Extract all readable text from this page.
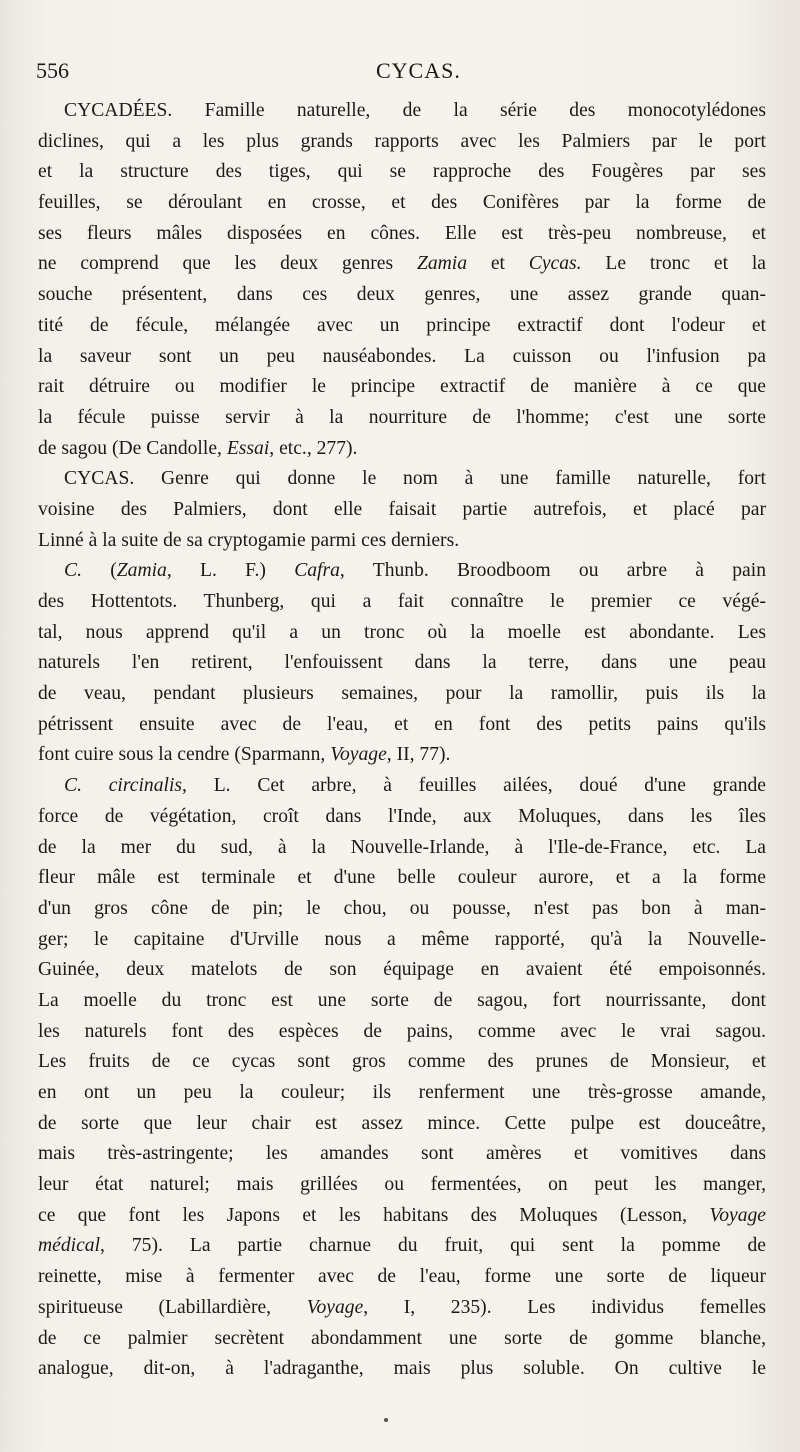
556	CYCAS.
CYCADÉES. Famille naturelle, de la série des monocotylédones
diclines, qui a les plus grands rapports avec les Palmiers par le port
et la structure des tiges, qui se rapproche des Fougères par ses
feuilles, se déroulant en crosse, et des Conifères par la forme de
ses fleurs mâles disposées en cônes. Elle est très-peu nombreuse, et
ne comprend que les deux genres Zamia et Cycas. Le tronc et la
souche présentent, dans ces deux genres, une assez grande quan-
tité de fécule, mélangée avec un principe extractif dont l'odeur et
la saveur sont un peu nauséabondes. La cuisson ou l'infusion pa
rait détruire ou modifier le principe extractif de manière à ce que
la fécule puisse servir à la nourriture de l'homme; c'est une sorte
de sagou (De Candolle, Essai, etc., 277).
CYCAS. Genre qui donne le nom à une famille naturelle, fort
voisine des Palmiers, dont elle faisait partie autrefois, et placé par
Linné à la suite de sa cryptogamie parmi ces derniers.
C. (Zamia, L. F.) Cafra, Thunb. Broodboom ou arbre à pain
des Hottentots. Thunberg, qui a fait connaître le premier ce végé-
tal, nous apprend qu'il a un tronc où la moelle est abondante. Les
naturels l'en retirent, l'enfouissent dans la terre, dans une peau
de veau, pendant plusieurs semaines, pour la ramollir, puis ils la
pétrissent ensuite avec de l'eau, et en font des petits pains qu'ils
font cuire sous la cendre (Sparmann, Voyage, II, 77).
C. circinalis, L. Cet arbre, à feuilles ailées, doué d'une grande
force de végétation, croît dans l'Inde, aux Moluques, dans les îles
de la mer du sud, à la Nouvelle-Irlande, à l'Ile-de-France, etc. La
fleur mâle est terminale et d'une belle couleur aurore, et a la forme
d'un gros cône de pin; le chou, ou pousse, n'est pas bon à man-
ger; le capitaine d'Urville nous a même rapporté, qu'à la Nouvelle-
Guinée, deux matelots de son équipage en avaient été empoisonnés.
La moelle du tronc est une sorte de sagou, fort nourrissante, dont
les naturels font des espèces de pains, comme avec le vrai sagou.
Les fruits de ce cycas sont gros comme des prunes de Monsieur, et
en ont un peu la couleur; ils renferment une très-grosse amande,
de sorte que leur chair est assez mince. Cette pulpe est douceâtre,
mais très-astringente; les amandes sont amères et vomitives dans
leur état naturel; mais grillées ou fermentées, on peut les manger,
ce que font les Japons et les habitans des Moluques (Lesson, Voyage
médical, 75). La partie charnue du fruit, qui sent la pomme de
reinette, mise à fermenter avec de l'eau, forme une sorte de liqueur
spiritueuse (Labillardière, Voyage, I, 235). Les individus femelles
de ce palmier secrètent abondamment une sorte de gomme blanche,
analogue, dit-on, à l'adraganthe, mais plus soluble. On cultive le
